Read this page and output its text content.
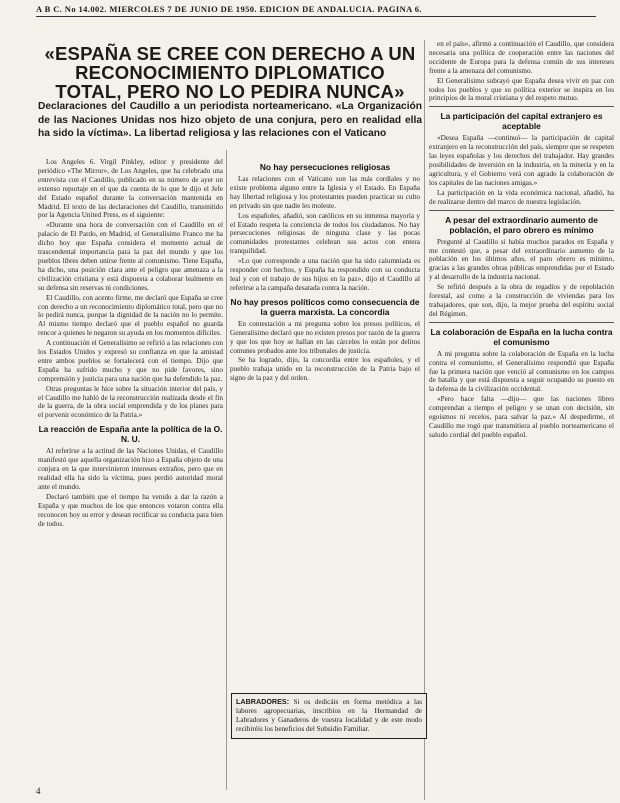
A B C. No 14.002. MIERCOLES 7 DE JUNIO DE 1950. EDICION DE ANDALUCIA. PAGINA 6.
«ESPAÑA SE CREE CON DERECHO A UN RECONOCIMIENTO DIPLOMATICO TOTAL, PERO NO LO PEDIRA NUNCA»
Declaraciones del Caudillo a un periodista norteamericano. «La Organización de las Naciones Unidas nos hizo objeto de una conjura, pero en realidad ella ha sido la víctima». La libertad religiosa y las relaciones con el Vaticano

Los Angeles 6. Virgil Pinkley, editor y presidente del periódico «The Mirror», de Los Angeles, que ha celebrado una entrevista con el Caudillo, publicado en su número de ayer un extenso reportaje en el que da cuenta de lo que le dijo el Jefe del Estado español durante la conversación mantenida en Madrid. El texto de las declaraciones del Caudillo, transmitido por la Agencia United Press, es el siguiente:

«Durante una hora de conversación con el Caudillo en el palacio de El Pardo, en Madrid, el Generalísimo Franco me ha dicho hoy que España considera el momento actual de trascendental importancia para la paz del mundo y que los pueblos libres deben unirse frente al comunismo. Tiene España, ha dicho, una posición clara ante el peligro que amenaza a la civilización cristiana y está dispuesta a colaborar lealmente en su defensa sin reservas ni condiciones.

El Caudillo, con acento firme, me declaró que España se cree con derecho a un reconocimiento diplomático total, pero que no lo pedirá nunca, porque la dignidad de la nación no lo permite. Al mismo tiempo declaró que el pueblo español no guarda rencor a quienes le negaron su ayuda en los momentos difíciles.

A continuación el Generalísimo se refirió a las relaciones con los Estados Unidos y expresó su confianza en que la amistad entre ambos pueblos se fortalecerá con el tiempo. Dijo que España ha sufrido mucho y que no pide favores, sino comprensión y justicia para una nación que ha defendido la paz.

Otras preguntas le hice sobre la situación interior del país, y el Caudillo me habló de la reconstrucción realizada desde el fin de la guerra, de la obra social emprendida y de los planes para el porvenir económico de la Patria.»

La reacción de España ante la política de la O. N. U.

Al referirse a la actitud de las Naciones Unidas, el Caudillo manifestó que aquella organización hizo a España objeto de una conjura en la que intervinieron intereses extraños, pero que en realidad ella ha sido la víctima, pues perdió autoridad moral ante el mundo.

Declaró también que el tiempo ha venido a dar la razón a España y que muchos de los que entonces votaron contra ella reconocen hoy su error y desean rectificar su conducta para bien de todos.

No hay persecuciones religiosas

Las relaciones con el Vaticano son las más cordiales y no existe problema alguno entre la Iglesia y el Estado. En España hay libertad religiosa y los protestantes pueden practicar su culto en privado sin que nadie les moleste.

Los españoles, añadió, son católicos en su inmensa mayoría y el Estado respeta la conciencia de todos los ciudadanos. No hay persecuciones religiosas de ninguna clase y las pocas comunidades protestantes celebran sus actos con entera tranquilidad.

«Lo que corresponde a una nación que ha sido calumniada es responder con hechos, y España ha respondido con su conducta leal y con el trabajo de sus hijos en la paz», dijo el Caudillo al referirse a la campaña desatada contra la nación.

No hay presos políticos como consecuencia de la guerra marxista. La concordia

En contestación a mi pregunta sobre los presos políticos, el Generalísimo declaró que no existen presos por razón de la guerra y que los que hoy se hallan en las cárceles lo están por delitos comunes probados ante los tribunales de justicia.

Se ha logrado, dijo, la concordia entre los españoles, y el pueblo trabaja unido en la reconstrucción de la Patria bajo el signo de la paz y del orden.

LABRADORES: Si os dedicáis en forma metódica a las labores agropecuarias, inscribíos en la Hermandad de Labradores y Ganaderos de vuestra localidad y de este modo recibiréis los beneficios del Subsidio Familiar.

en el país», afirmó a continuación el Caudillo, que considera necesaria una política de cooperación entre las naciones del occidente de Europa para la defensa común de sus intereses frente a la amenaza del comunismo.

El Generalísimo subrayó que España desea vivir en paz con todos los pueblos y que su política exterior se inspira en los principios de la moral cristiana y del respeto mutuo.

La participación del capital extranjero es aceptable

«Desea España —continuó— la participación de capital extranjero en la reconstrucción del país, siempre que se respeten las leyes españolas y los derechos del trabajador. Hay grandes posibilidades de inversión en la industria, en la minería y en la agricultura, y el Gobierno verá con agrado la colaboración de los capitales de las naciones amigas.»

La participación en la vida económica nacional, añadió, ha de realizarse dentro del marco de nuestra legislación.

A pesar del extraordinario aumento de población, el paro obrero es mínimo

Pregunté al Caudillo si había muchos parados en España y me contestó que, a pesar del extraordinario aumento de la población en los últimos años, el paro obrero es mínimo, gracias a las grandes obras públicas emprendidas por el Estado y al desarrollo de la industria nacional.

Se refirió después a la obra de regadíos y de repoblación forestal, así como a la construcción de viviendas para los trabajadores, que son, dijo, la mejor prueba del espíritu social del Régimen.

La colaboración de España en la lucha contra el comunismo

A mi pregunta sobre la colaboración de España en la lucha contra el comunismo, el Generalísimo respondió que España fue la primera nación que venció al comunismo en los campos de batalla y que está dispuesta a seguir ocupando su puesto en la defensa de la civilización occidental.

«Pero hace falta —dijo— que las naciones libres comprendan a tiempo el peligro y se unan con decisión, sin egoísmos ni recelos, para salvar la paz.» Al despedirme, el Caudillo me rogó que transmitiera al pueblo norteamericano el saludo cordial del pueblo español.

4
